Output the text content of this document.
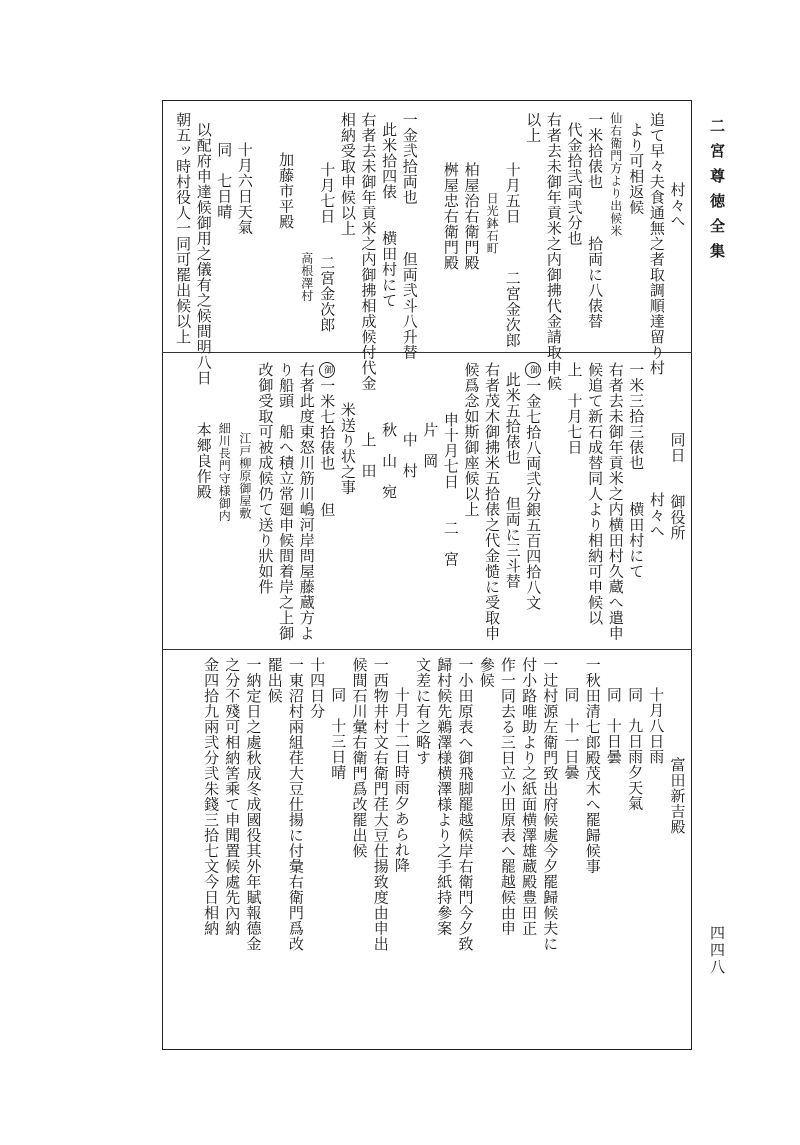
二宮尊徳全集
四四八
村々へ
追て早々夫食通無之者取調順達留り村
より可相返候
仙右衛門方より出候米
一米拾俵也　　　拾両に八俵替
代金拾弐両弐分也
右者去未御年貢米之内御拂代金請取申候
以上
十月五日　　　二宮金次郎
日光鉢石町
柏屋治右衛門殿
桝屋忠右衛門殿
一金弐拾両也　　　但両弐斗八升替
此米拾四俵　　横田村にて
右者去未御年貢米之内御拂相成候付代金
相納受取申候以上
十月七日　　二宮金次郎
高根澤村
加藤市平殿
十月六日天氣
同　七日晴
以配府申達候御用之儀有之候間明八日
朝五ッ時村役人一同可罷出候以上
同日　　御役所
村々へ
一米三拾三俵也　　横田村にて
右者去未御年貢米之内横田村久蔵へ遣申
候追て新石成替同人より相納可申候以
上　十月七日
御一金七拾八両弐分銀五百四拾八文
此米五拾俵也　　但両に三斗替
右者茂木御拂米五拾俵之代金慥に受取申
候爲念如斯御座候以上
申十月七日　　二　宮
片　岡
中　村
秋　山　宛
上　田
米送り状之事
御一米七拾俵也　　但
右者此度東怒川筋川嶋河岸問屋藤蔵方よ
り船頭　船へ積立常廻申候間着岸之上御
改御受取可被成候仍て送り狀如件
江戸柳原御屋敷
細川長門守様御内
本郷良作殿
富田新吉殿
十月八日雨
同　九日雨夕天氣
同　十日曇
一秋田清七郎殿茂木へ罷歸候事
同　十一日曇
一辻村源左衛門致出府候處今夕罷歸候夫に
付小路唯助より之紙面横澤雄蔵殿豊田正
作一同去る三日立小田原表へ罷越候由申
參候
一小田原表へ御飛脚罷越候岸右衛門今夕致
歸村候先鵜澤様横澤様より之手紙持參案
文差に有之略す
十月十二日時雨夕あられ降
一西物井村文右衛門荏大豆仕揚致度由申出
候間石川彙右衛門爲改罷出候
同　十三日晴
十四日分
一東沼村兩組荏大豆仕揚に付彙右衛門爲改
罷出候
一納定日之處秋成冬成國役其外年賦報德金
之分不殘可相納筈乘て申聞置候處先內納
金四拾九兩弐分弐朱錢三拾七文今日相納
